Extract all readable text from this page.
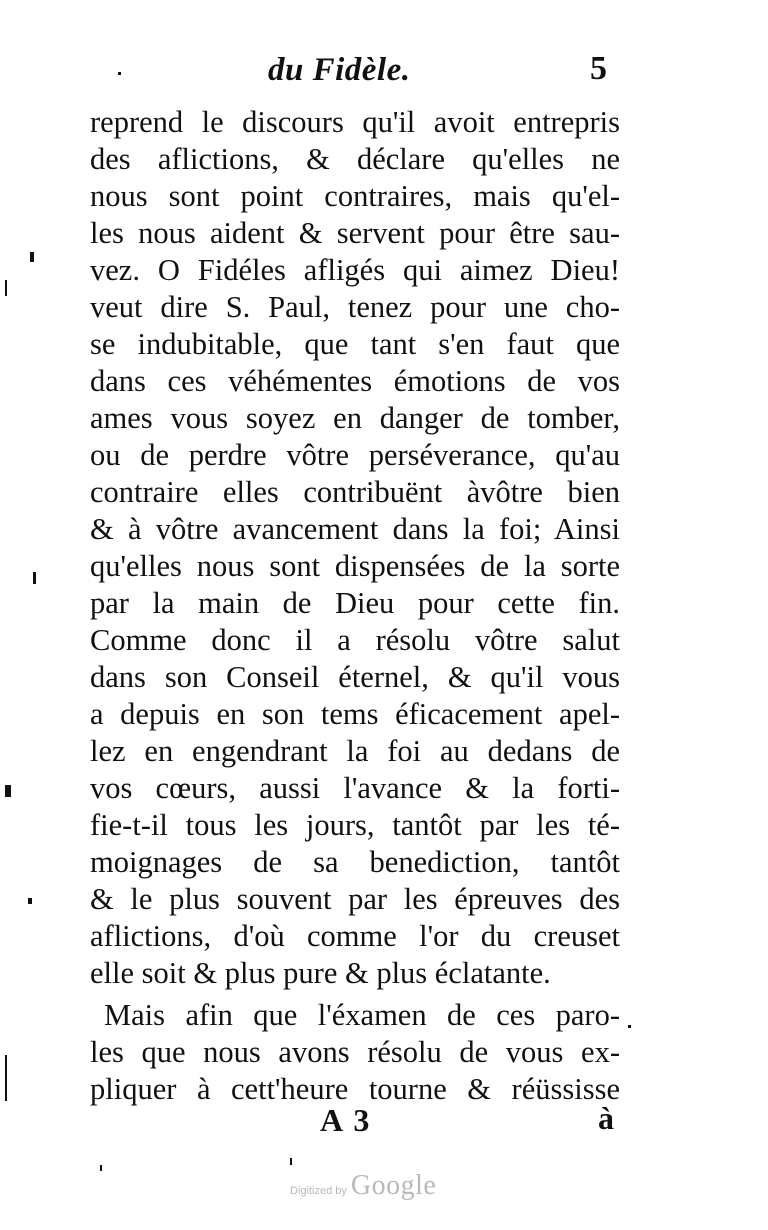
du Fidèle.	5
reprend le discours qu'il avoit entrepris
des aflictions, & déclare qu'elles ne
nous sont point contraires, mais qu'el-
les nous aident & servent pour être sau-
vez. O Fidéles afligés qui aimez Dieu!
veut dire S. Paul, tenez pour une cho-
se indubitable, que tant s'en faut que
dans ces véhémentes émotions de vos
ames vous soyez en danger de tomber,
ou de perdre vôtre perséverance, qu'au
contraire elles contribuënt àvôtre bien
& à vôtre avancement dans la foi; Ainsi
qu'elles nous sont dispensées de la sorte
par la main de Dieu pour cette fin.
Comme donc il a résolu vôtre salut
dans son Conseil éternel, & qu'il vous
a depuis en son tems éficacement apel-
lez en engendrant la foi au dedans de
vos cœurs, aussi l'avance & la forti-
fie-t-il tous les jours, tantôt par les té-
moignages de sa benediction, tantôt
& le plus souvent par les épreuves des
aflictions, d'où comme l'or du creuset
elle soit & plus pure & plus éclatante.
Mais afin que l'éxamen de ces paro-
les que nous avons résolu de vous ex-
pliquer à cett'heure tourne & réüssisse
A 3	à
Digitized by Google
